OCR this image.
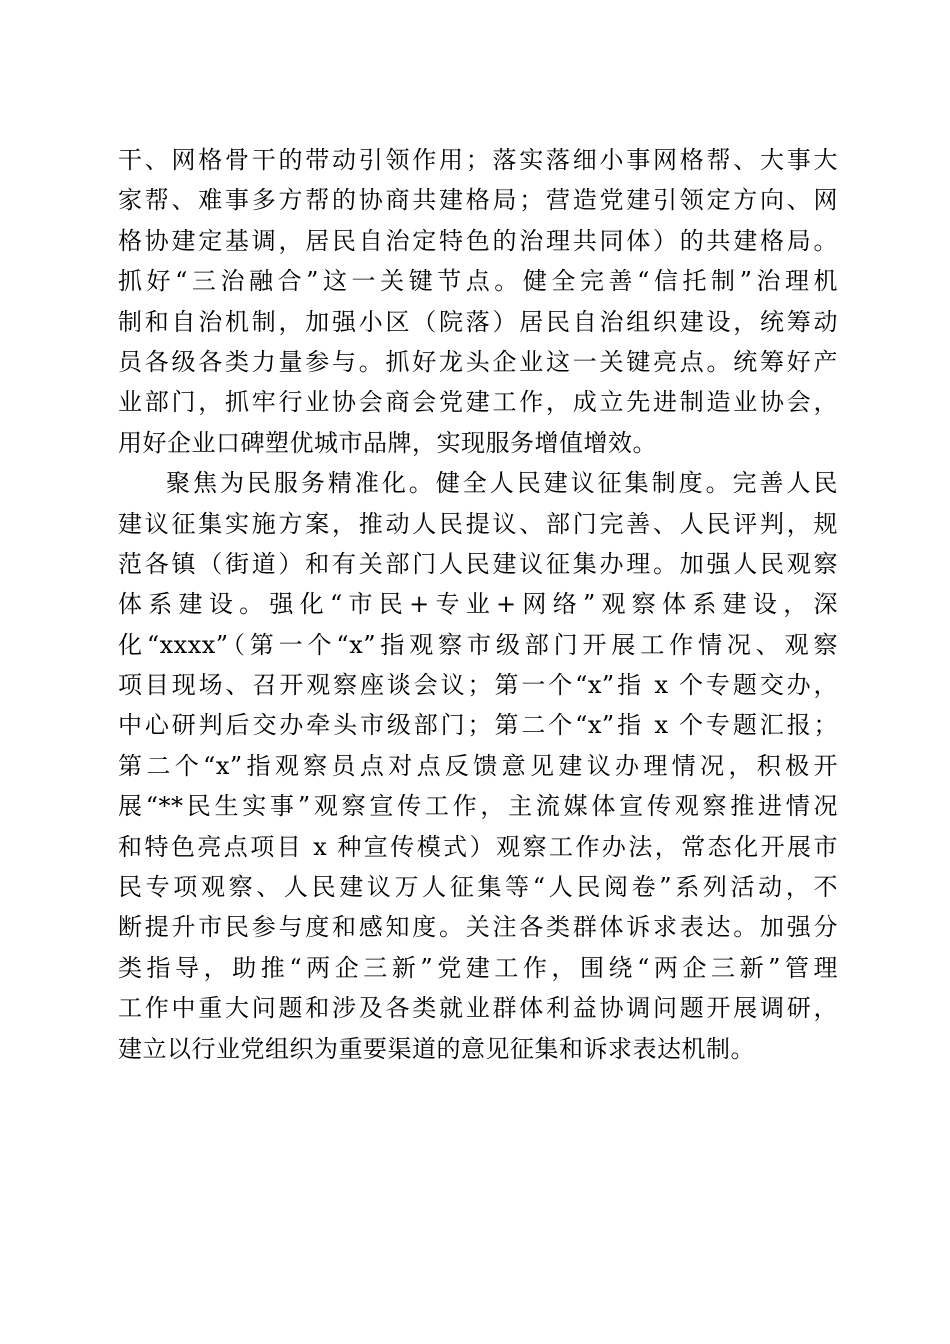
干、网格骨干的带动引领作用；落实落细小事网格帮、大事大
家帮、难事多方帮的协商共建格局；营造党建引领定方向、网
格协建定基调，居民自治定特色的治理共同体）的共建格局。
抓好“三治融合”这一关键节点。健全完善“信托制”治理机
制和自治机制，加强小区（院落）居民自治组织建设，统筹动
员各级各类力量参与。抓好龙头企业这一关键亮点。统筹好产
业部门，抓牢行业协会商会党建工作，成立先进制造业协会，
用好企业口碑塑优城市品牌，实现服务增值增效。
聚焦为民服务精准化。健全人民建议征集制度。完善人民
建议征集实施方案，推动人民提议、部门完善、人民评判，规
范各镇（街道）和有关部门人民建议征集办理。加强人民观察
体系建设。强化“市民+专业+网络”观察体系建设，深
化“xxxx”（第一个“x”指观察市级部门开展工作情况、观察
项目现场、召开观察座谈会议；第一个“x”指 x 个专题交办，
中心研判后交办牵头市级部门；第二个“x”指 x 个专题汇报；
第二个“x”指观察员点对点反馈意见建议办理情况，积极开
展“**民生实事”观察宣传工作，主流媒体宣传观察推进情况
和特色亮点项目 x 种宣传模式）观察工作办法，常态化开展市
民专项观察、人民建议万人征集等“人民阅卷”系列活动，不
断提升市民参与度和感知度。关注各类群体诉求表达。加强分
类指导，助推“两企三新”党建工作，围绕“两企三新”管理
工作中重大问题和涉及各类就业群体利益协调问题开展调研，
建立以行业党组织为重要渠道的意见征集和诉求表达机制。
